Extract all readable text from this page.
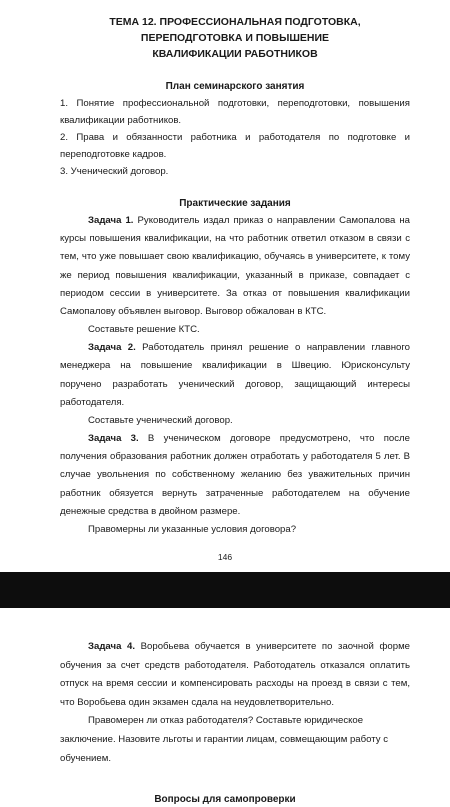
ТЕМА 12. ПРОФЕССИОНАЛЬНАЯ ПОДГОТОВКА,
ПЕРЕПОДГОТОВКА И ПОВЫШЕНИЕ
КВАЛИФИКАЦИИ РАБОТНИКОВ

План семинарского занятия

1. Понятие профессиональной подготовки, переподготовки, повышения квалификации работников.

2. Права и обязанности работника и работодателя по подготовке и переподготовке кадров.

3. Ученический договор.

Практические задания

Задача 1. Руководитель издал приказ о направлении Самопалова на курсы повышения квалификации, на что работник ответил отказом в связи с тем, что уже повышает свою квалификацию, обучаясь в университете, к тому же период повышения квалификации, указанный в приказе, совпадает с периодом сессии в университете. За отказ от повышения квалификации Самопалову объявлен выговор. Выговор обжалован в КТС.

Составьте решение КТС.

Задача 2. Работодатель принял решение о направлении главного менеджера на повышение квалификации в Швецию. Юрисконсульту поручено разработать ученический договор, защищающий интересы работодателя.

Составьте ученический договор.

Задача 3. В ученическом договоре предусмотрено, что после получения образования работник должен отработать у работодателя 5 лет. В случае увольнения по собственному желанию без уважительных причин работник обязуется вернуть затраченные работодателем на обучение денежные средства в двойном размере.

Правомерны ли указанные условия договора?

146

Задача 4. Воробьева обучается в университете по заочной форме обучения за счет средств работодателя. Работодатель отказался оплатить отпуск на время сессии и компенсировать расходы на проезд в связи с тем, что Воробьева один экзамен сдала на неудовлетворительно.

Правомерен ли отказ работодателя? Составьте юридическое заключение. Назовите льготы и гарантии лицам, совмещающим работу с обучением.

Вопросы для самопроверки
